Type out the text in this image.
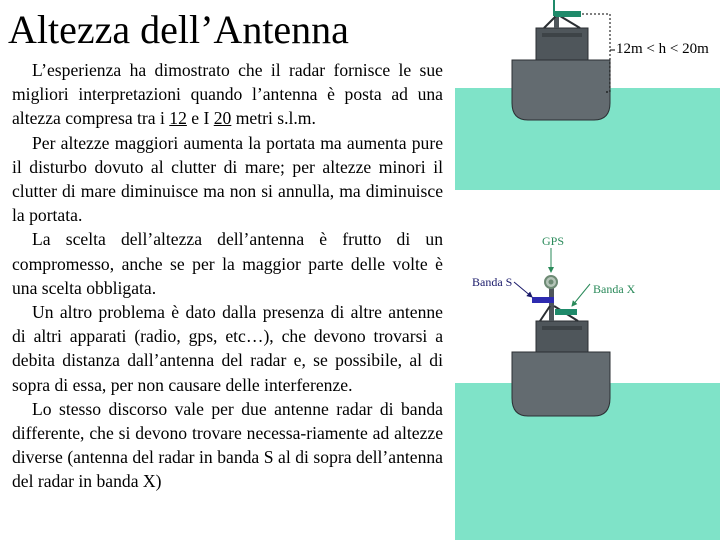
Altezza dell’Antenna

L’esperienza ha dimostrato che il radar fornisce le sue migliori interpretazioni quando l’antenna è posta ad una altezza compresa tra i 12 e I 20 metri s.l.m.

Per altezze maggiori aumenta la portata ma aumenta pure il disturbo dovuto al clutter di mare; per altezze minori il clutter di mare diminuisce ma non si annulla, ma diminuisce la portata.

La scelta dell’altezza dell’antenna è frutto di un compromesso, anche se per la maggior parte delle volte è una scelta obbligata.

Un altro problema è dato dalla presenza di altre antenne di altri apparati (radio, gps, etc…), che devono trovarsi a debita distanza dall’antenna del radar e, se possibile, al di sopra di essa, per non causare delle interferenze.

Lo stesso discorso vale per due antenne radar di banda differente, che si devono trovare necessa-riamente ad altezze diverse (antenna del radar in banda S al di sopra dell’antenna del radar in banda X)

12m < h < 20m
GPS
Banda S	Banda X
